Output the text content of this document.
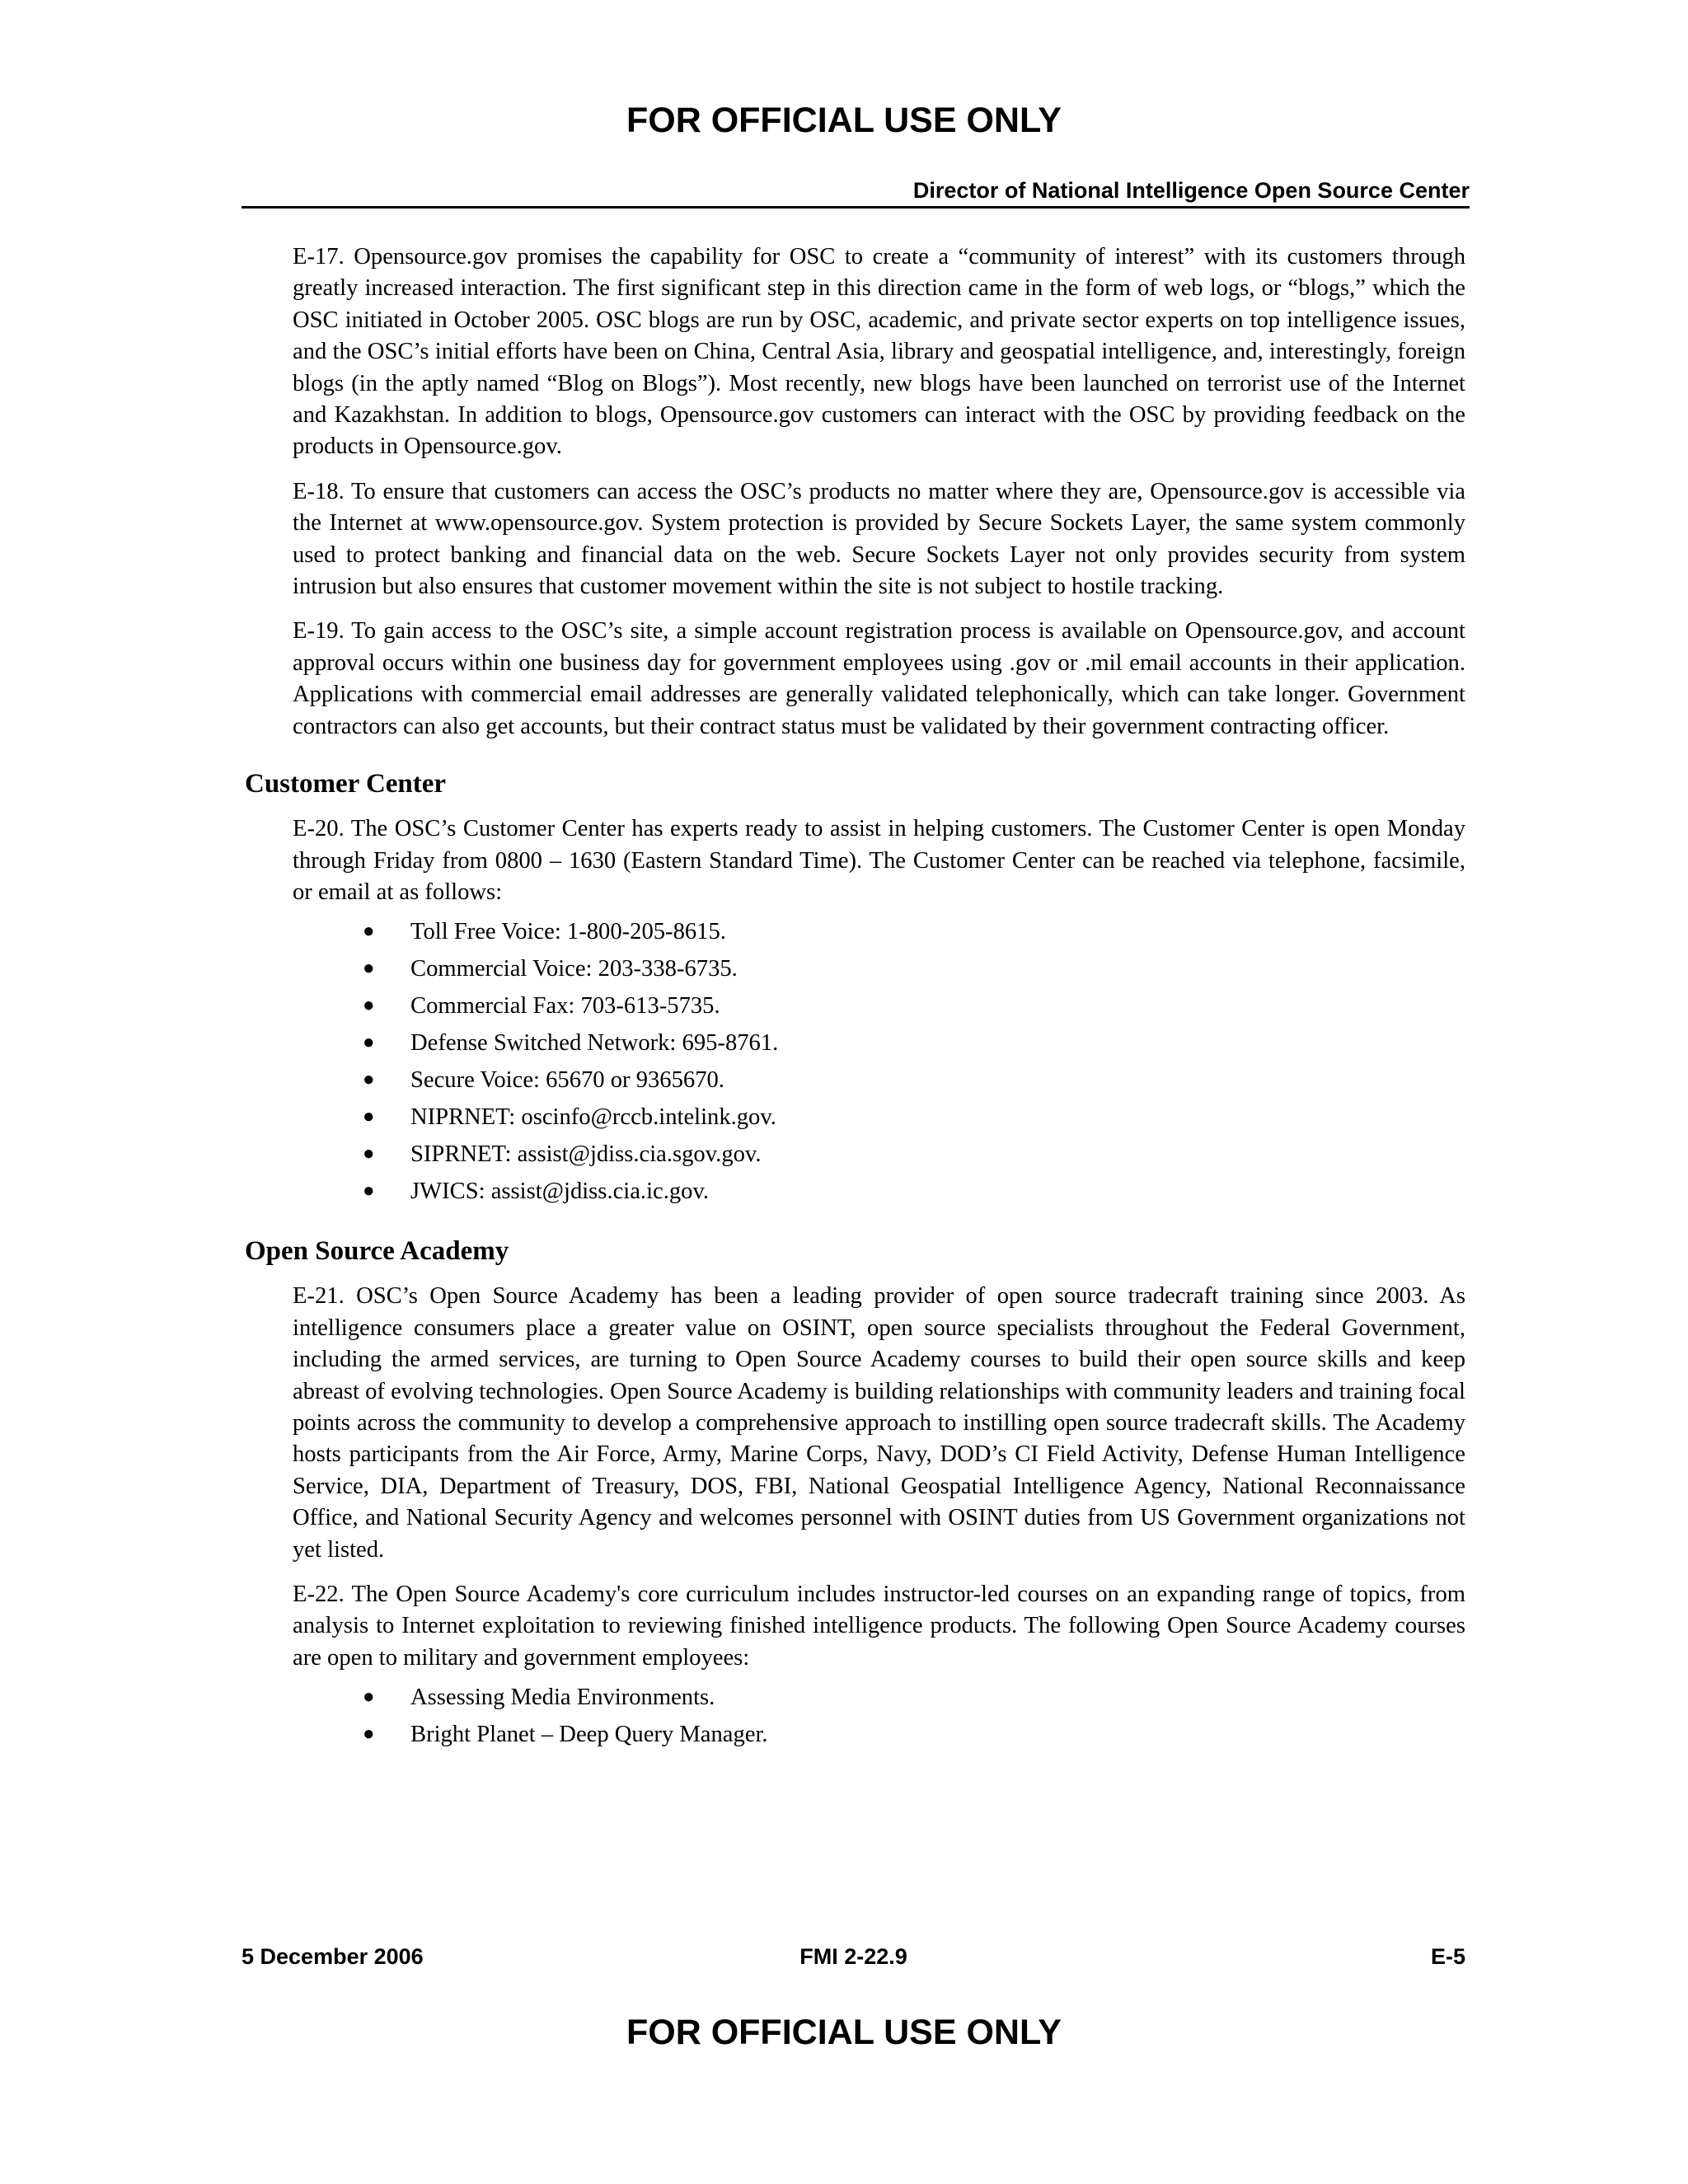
FOR OFFICIAL USE ONLY
Director of National Intelligence Open Source Center

E-17. Opensource.gov promises the capability for OSC to create a “community of interest” with its customers through greatly increased interaction. The first significant step in this direction came in the form of web logs, or “blogs,” which the OSC initiated in October 2005. OSC blogs are run by OSC, academic, and private sector experts on top intelligence issues, and the OSC’s initial efforts have been on China, Central Asia, library and geospatial intelligence, and, interestingly, foreign blogs (in the aptly named “Blog on Blogs”). Most recently, new blogs have been launched on terrorist use of the Internet and Kazakhstan. In addition to blogs, Opensource.gov customers can interact with the OSC by providing feedback on the products in Opensource.gov.

E-18. To ensure that customers can access the OSC’s products no matter where they are, Opensource.gov is accessible via the Internet at www.opensource.gov. System protection is provided by Secure Sockets Layer, the same system commonly used to protect banking and financial data on the web. Secure Sockets Layer not only provides security from system intrusion but also ensures that customer movement within the site is not subject to hostile tracking.

E-19. To gain access to the OSC’s site, a simple account registration process is available on Opensource.gov, and account approval occurs within one business day for government employees using .gov or .mil email accounts in their application. Applications with commercial email addresses are generally validated telephonically, which can take longer. Government contractors can also get accounts, but their contract status must be validated by their government contracting officer.

Customer Center

E-20. The OSC’s Customer Center has experts ready to assist in helping customers. The Customer Center is open Monday through Friday from 0800 – 1630 (Eastern Standard Time). The Customer Center can be reached via telephone, facsimile, or email at as follows:

● Toll Free Voice: 1-800-205-8615.
● Commercial Voice: 203-338-6735.
● Commercial Fax: 703-613-5735.
● Defense Switched Network: 695-8761.
● Secure Voice: 65670 or 9365670.
● NIPRNET: oscinfo@rccb.intelink.gov.
● SIPRNET: assist@jdiss.cia.sgov.gov.
● JWICS: assist@jdiss.cia.ic.gov.
Open Source Academy

E-21. OSC’s Open Source Academy has been a leading provider of open source tradecraft training since 2003. As intelligence consumers place a greater value on OSINT, open source specialists throughout the Federal Government, including the armed services, are turning to Open Source Academy courses to build their open source skills and keep abreast of evolving technologies. Open Source Academy is building relationships with community leaders and training focal points across the community to develop a comprehensive approach to instilling open source tradecraft skills. The Academy hosts participants from the Air Force, Army, Marine Corps, Navy, DOD’s CI Field Activity, Defense Human Intelligence Service, DIA, Department of Treasury, DOS, FBI, National Geospatial Intelligence Agency, National Reconnaissance Office, and National Security Agency and welcomes personnel with OSINT duties from US Government organizations not yet listed.

E-22. The Open Source Academy's core curriculum includes instructor-led courses on an expanding range of topics, from analysis to Internet exploitation to reviewing finished intelligence products. The following Open Source Academy courses are open to military and government employees:

● Assessing Media Environments.
● Bright Planet – Deep Query Manager.
5 December 2006	FMI 2-22.9	E-5
FOR OFFICIAL USE ONLY
